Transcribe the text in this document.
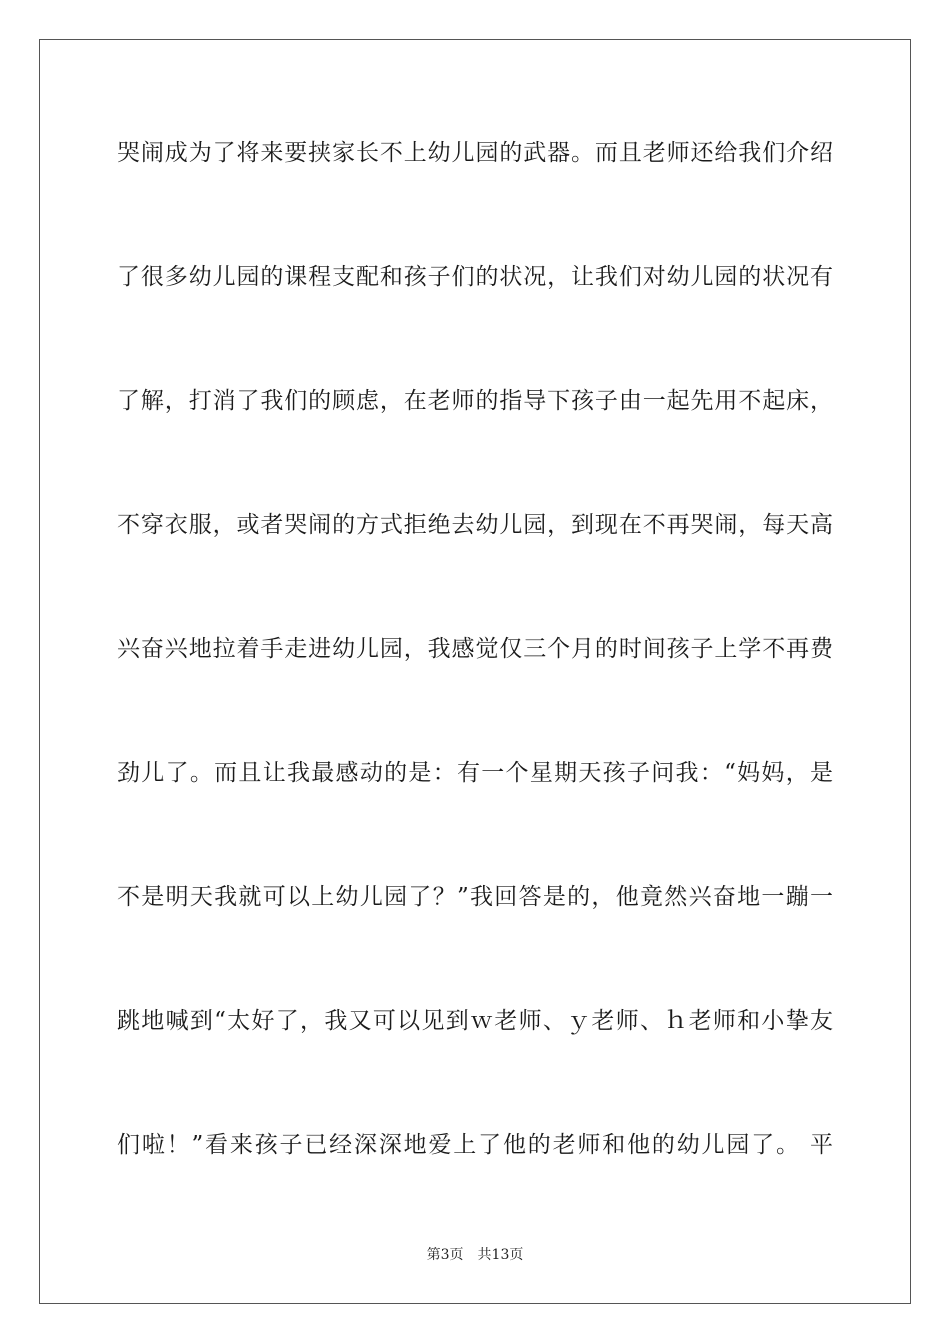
哭闹成为了将来要挟家长不上幼儿园的武器。而且老师还给我们介绍
了很多幼儿园的课程支配和孩子们的状况，让我们对幼儿园的状况有
了解，打消了我们的顾虑，在老师的指导下孩子由一起先用不起床，
不穿衣服，或者哭闹的方式拒绝去幼儿园，到现在不再哭闹，每天高
兴奋兴地拉着手走进幼儿园，我感觉仅三个月的时间孩子上学不再费
劲儿了。而且让我最感动的是：有一个星期天孩子问我：“妈妈，是
不是明天我就可以上幼儿园了？”我回答是的，他竟然兴奋地一蹦一
跳地喊到“太好了，我又可以见到ｗ老师、ｙ老师、ｈ老师和小挚友
们啦！”看来孩子已经深深地爱上了他的老师和他的幼儿园了。 平
第3页 共13页
